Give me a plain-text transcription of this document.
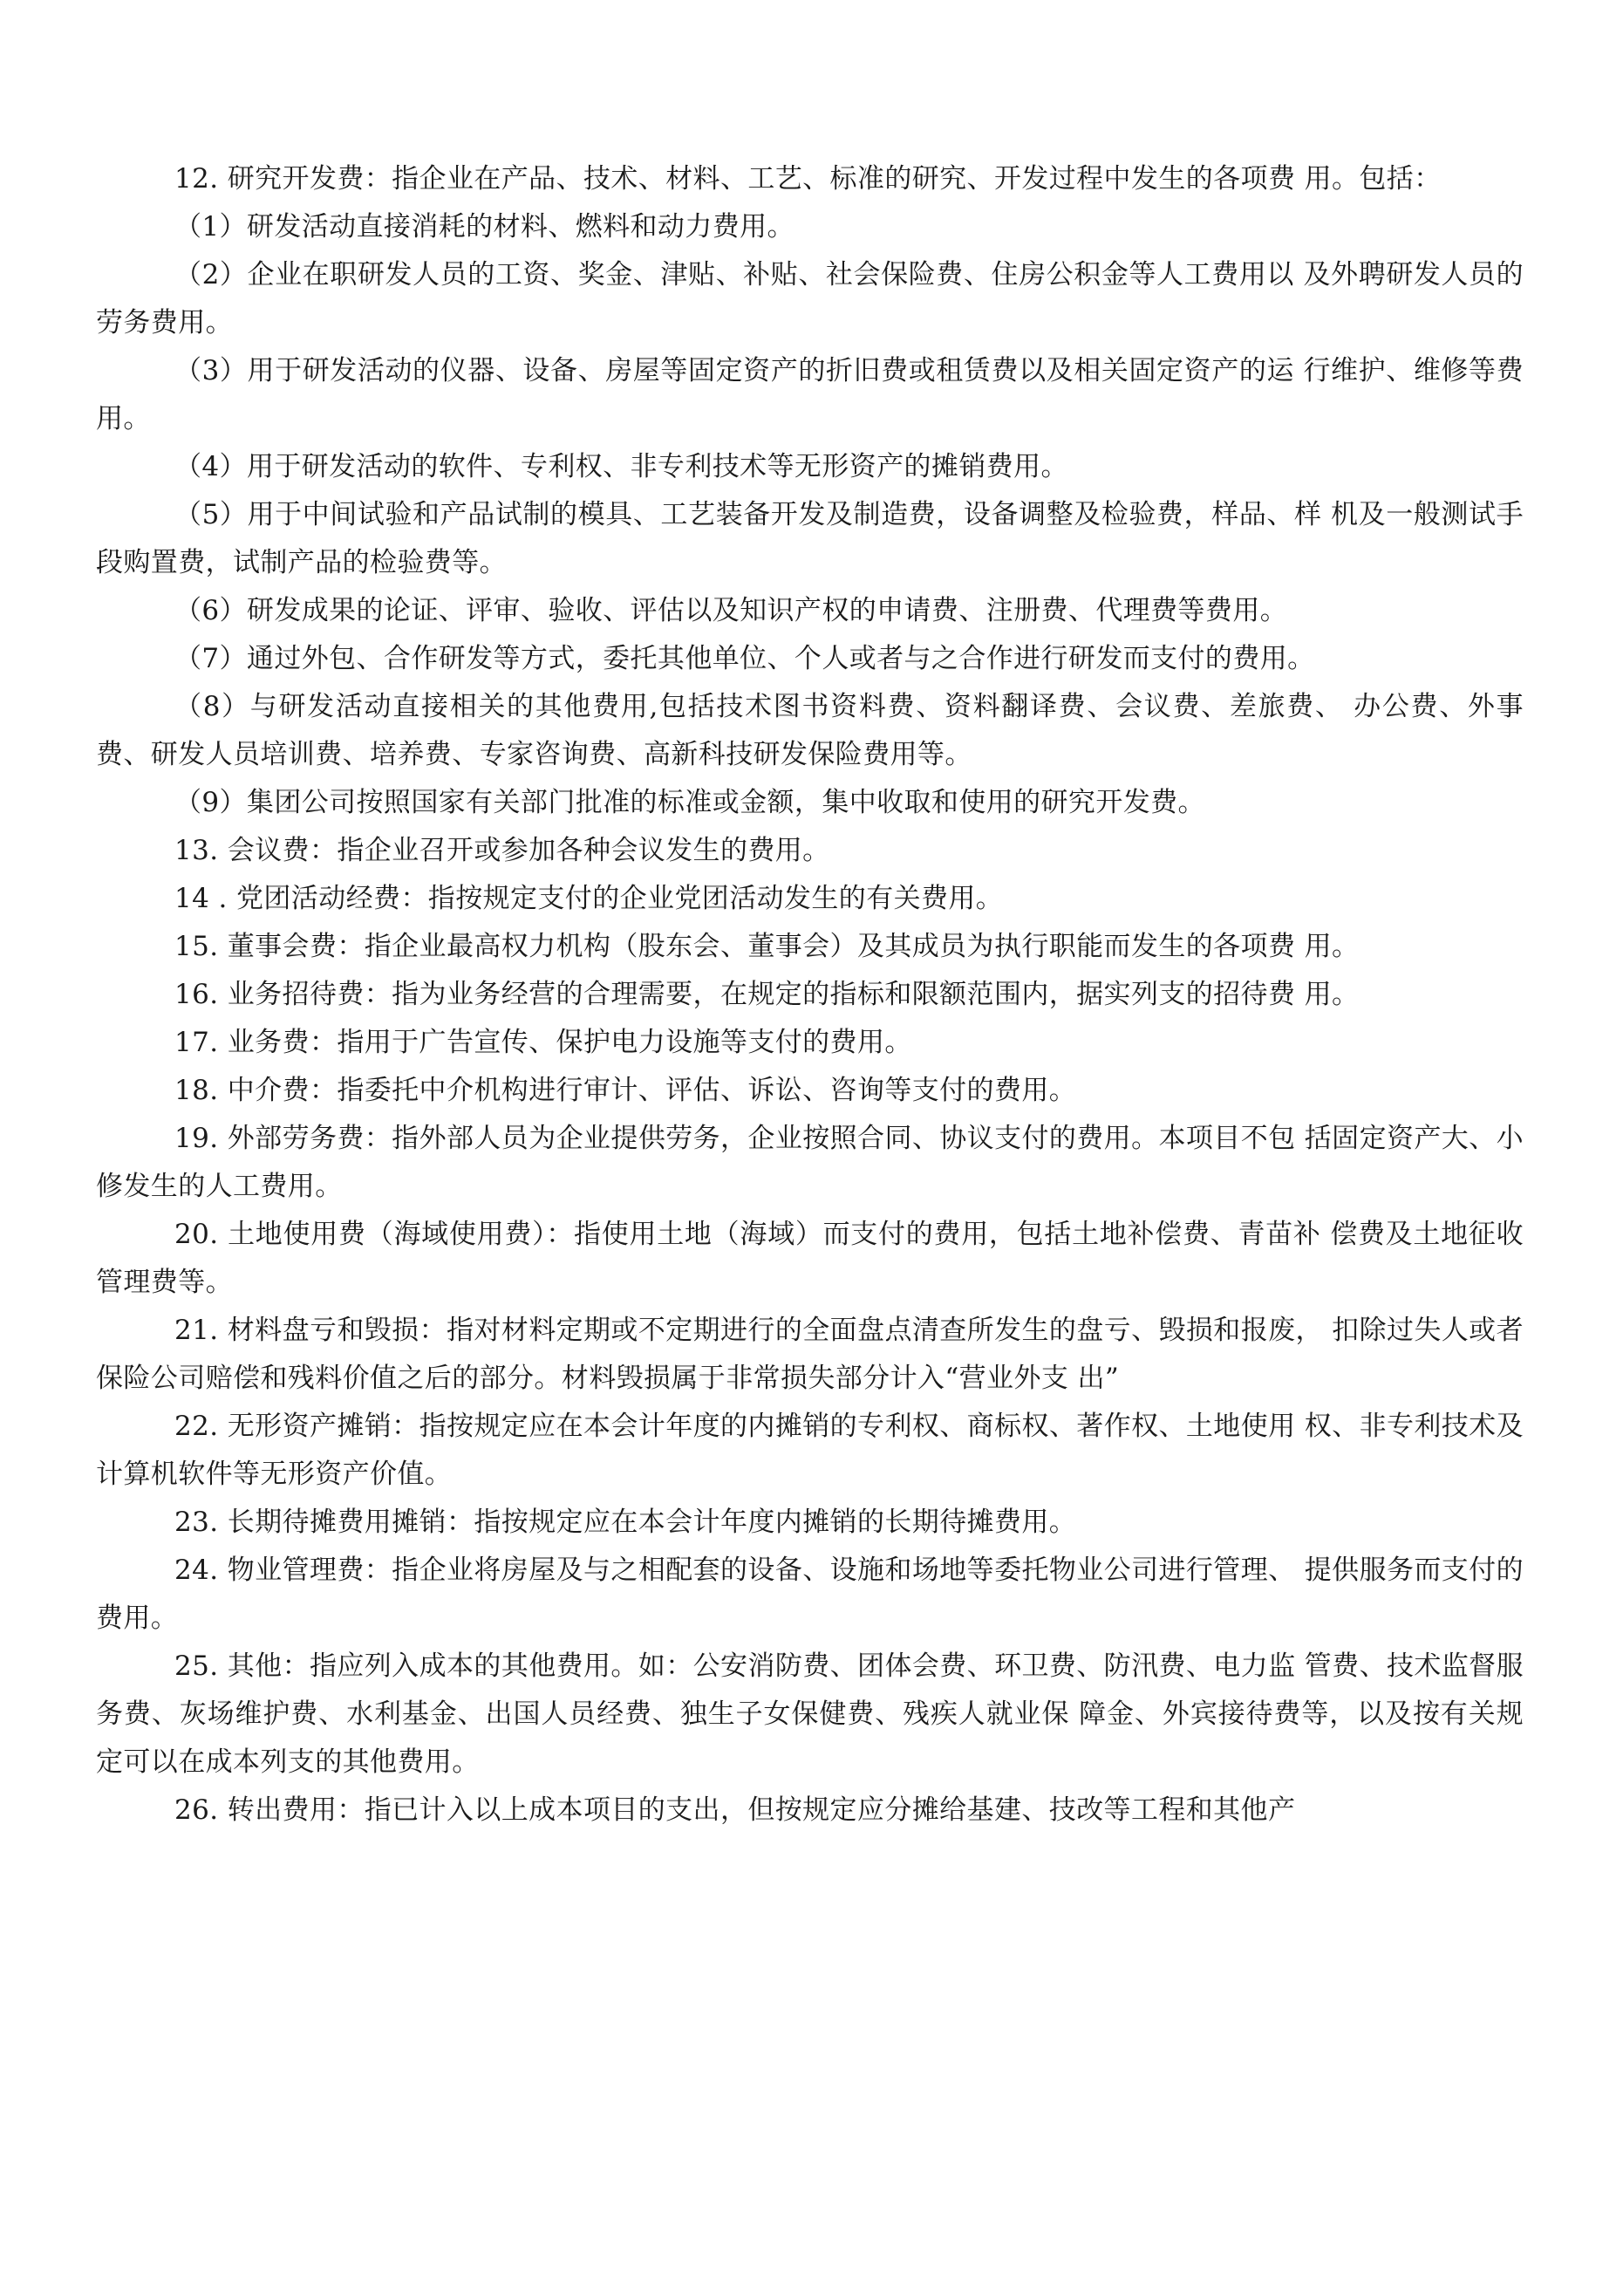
12. 研究开发费：指企业在产品、技术、材料、工艺、标准的研究、开发过程中发生的各项费 用。包括：

（1）研发活动直接消耗的材料、燃料和动力费用。

（2）企业在职研发人员的工资、奖金、津贴、补贴、社会保险费、住房公积金等人工费用以 及外聘研发人员的劳务费用。

（3）用于研发活动的仪器、设备、房屋等固定资产的折旧费或租赁费以及相关固定资产的运 行维护、维修等费用。

（4）用于研发活动的软件、专利权、非专利技术等无形资产的摊销费用。

（5）用于中间试验和产品试制的模具、工艺装备开发及制造费，设备调整及检验费，样品、样 机及一般测试手段购置费，试制产品的检验费等。

（6）研发成果的论证、评审、验收、评估以及知识产权的申请费、注册费、代理费等费用。

（7）通过外包、合作研发等方式，委托其他单位、个人或者与之合作进行研发而支付的费用。

（8）与研发活动直接相关的其他费用,包括技术图书资料费、资料翻译费、会议费、差旅费、 办公费、外事费、研发人员培训费、培养费、专家咨询费、高新科技研发保险费用等。

（9）集团公司按照国家有关部门批准的标准或金额，集中收取和使用的研究开发费。

13. 会议费：指企业召开或参加各种会议发生的费用。

14 . 党团活动经费：指按规定支付的企业党团活动发生的有关费用。

15. 董事会费：指企业最高权力机构（股东会、董事会）及其成员为执行职能而发生的各项费 用。

16. 业务招待费：指为业务经营的合理需要，在规定的指标和限额范围内，据实列支的招待费 用。

17. 业务费：指用于广告宣传、保护电力设施等支付的费用。

18. 中介费：指委托中介机构进行审计、评估、诉讼、咨询等支付的费用。

19. 外部劳务费：指外部人员为企业提供劳务，企业按照合同、协议支付的费用。本项目不包 括固定资产大、小修发生的人工费用。

20. 土地使用费（海域使用费）：指使用土地（海域）而支付的费用，包括土地补偿费、青苗补 偿费及土地征收管理费等。

21. 材料盘亏和毁损：指对材料定期或不定期进行的全面盘点清查所发生的盘亏、毁损和报废， 扣除过失人或者保险公司赔偿和残料价值之后的部分。材料毁损属于非常损失部分计入“营业外支 出”

22. 无形资产摊销：指按规定应在本会计年度的内摊销的专利权、商标权、著作权、土地使用 权、非专利技术及计算机软件等无形资产价值。

23. 长期待摊费用摊销：指按规定应在本会计年度内摊销的长期待摊费用。

24. 物业管理费：指企业将房屋及与之相配套的设备、设施和场地等委托物业公司进行管理、 提供服务而支付的费用。

25. 其他：指应列入成本的其他费用。如：公安消防费、团体会费、环卫费、防汛费、电力监 管费、技术监督服务费、灰场维护费、水利基金、出国人员经费、独生子女保健费、残疾人就业保 障金、外宾接待费等，以及按有关规定可以在成本列支的其他费用。

26. 转出费用：指已计入以上成本项目的支出，但按规定应分摊给基建、技改等工程和其他产
